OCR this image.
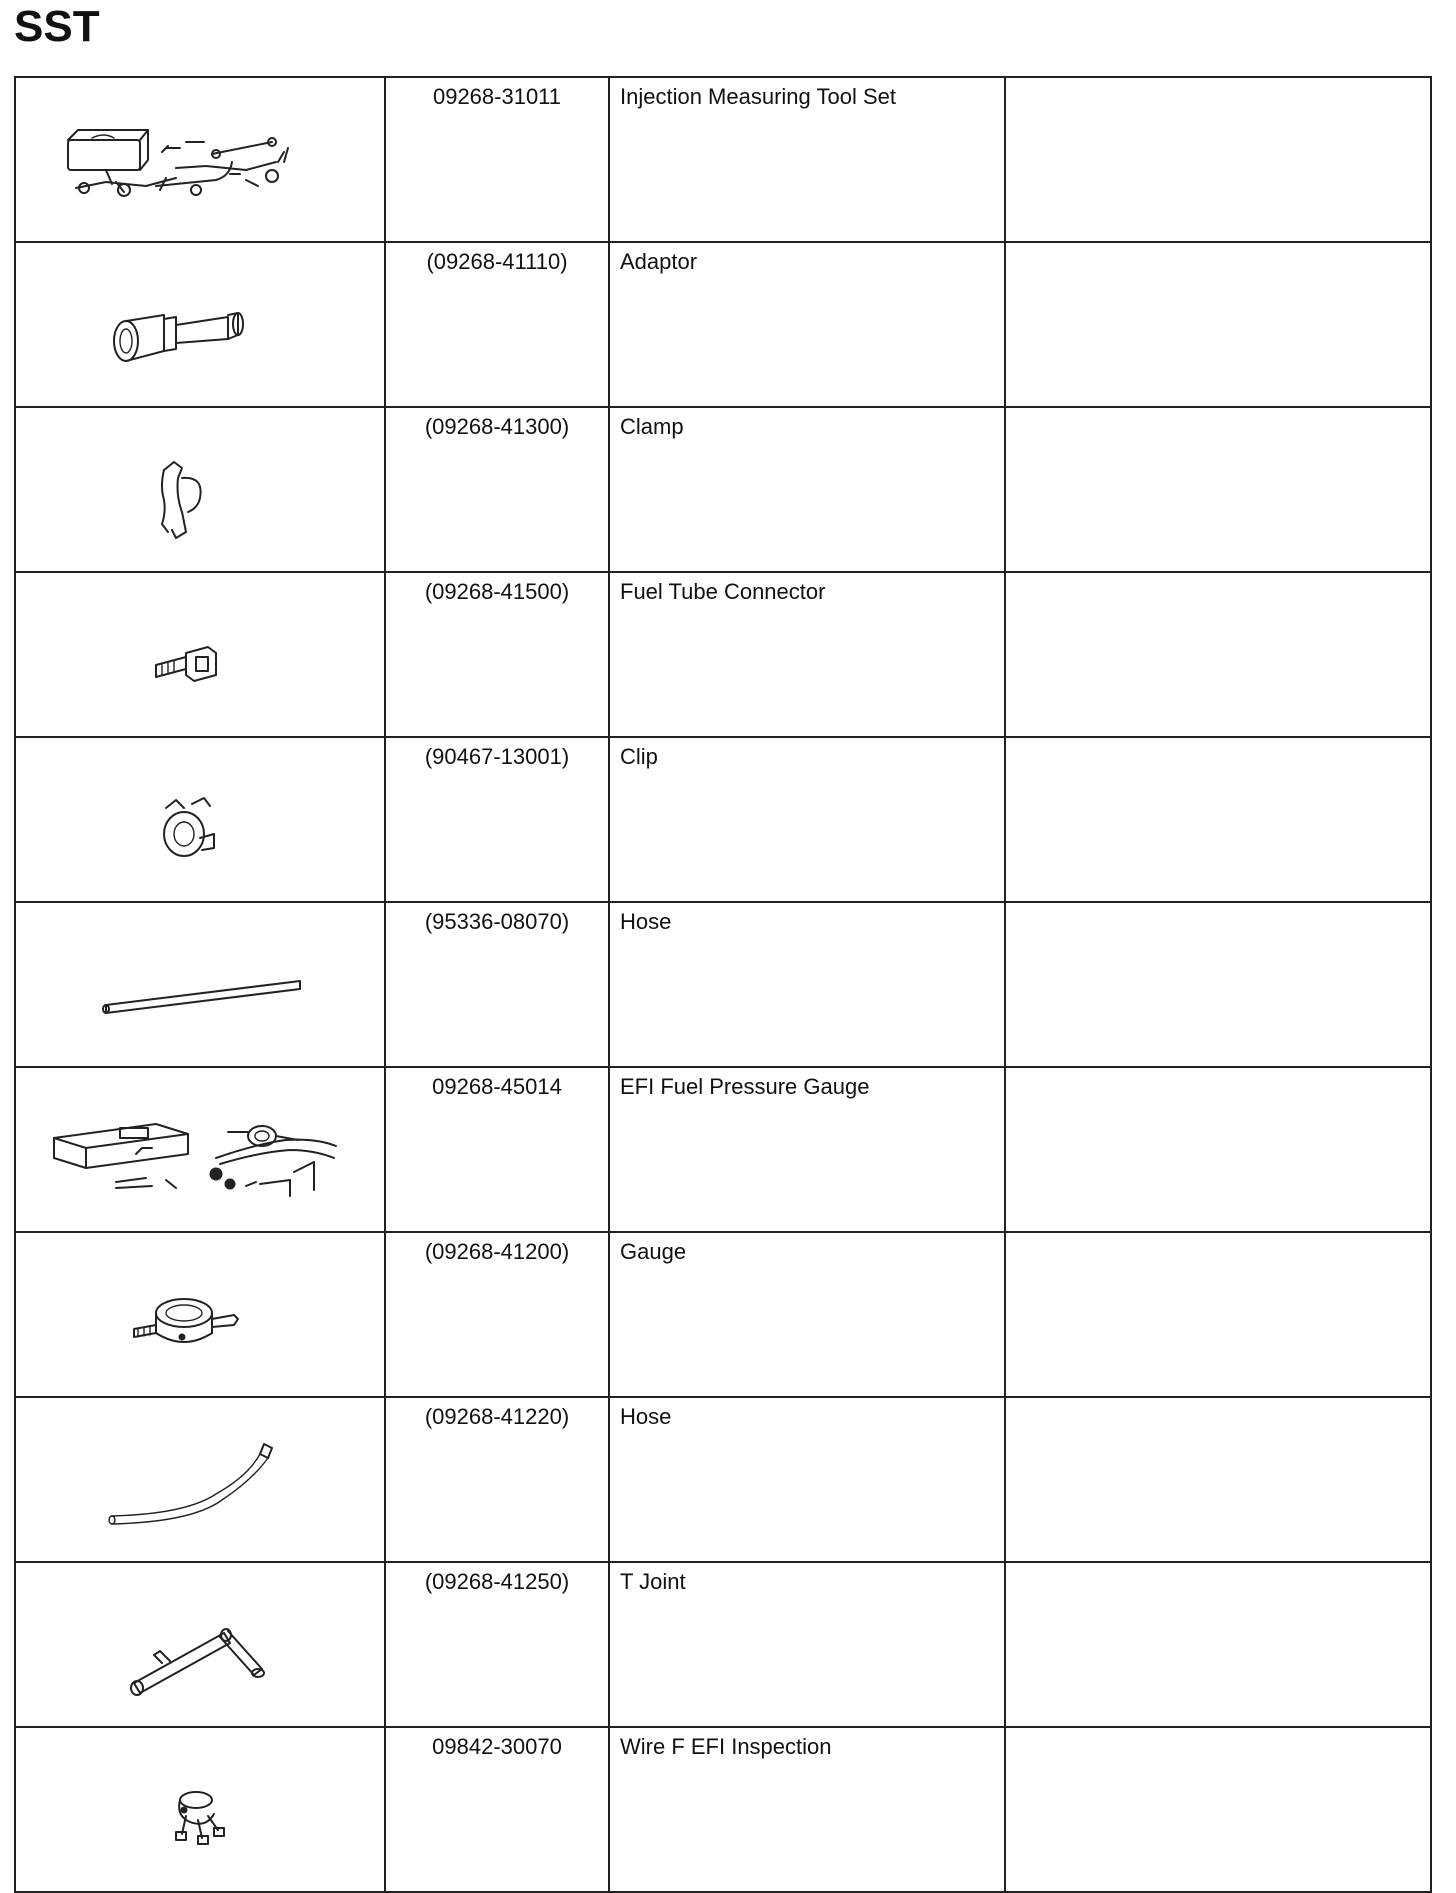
SST
	09268-31011	Injection Measuring Tool Set	

	(09268-41110)	Adaptor	

	(09268-41300)	Clamp	

	(09268-41500)	Fuel Tube Connector	

	(90467-13001)	Clip	

	(95336-08070)	Hose	

	09268-45014	EFI Fuel Pressure Gauge	

	(09268-41200)	Gauge	

	(09268-41220)	Hose	

	(09268-41250)	T Joint	

	09842-30070	Wire F EFI Inspection	
